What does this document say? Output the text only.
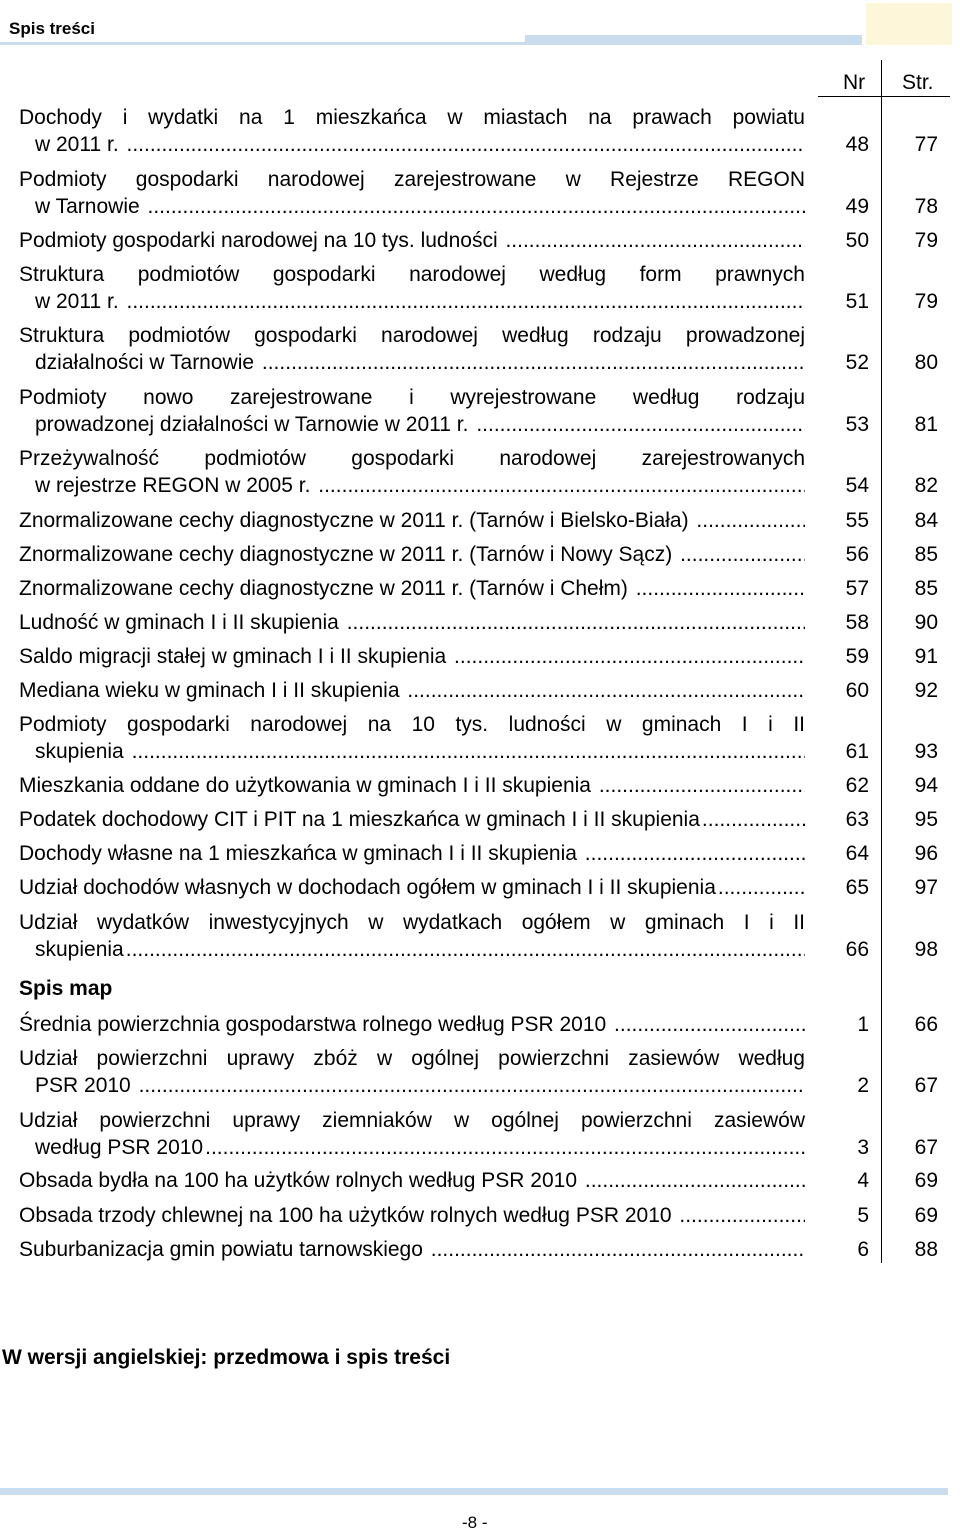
Spis treści
Nr Str.
Dochody i wydatki na 1 mieszkańca w miastach na prawach powiatu
w 2011 r. .....	48	77
Podmioty gospodarki narodowej zarejestrowane w Rejestrze REGON
w Tarnowie .....	49	78
Podmioty gospodarki narodowej na 10 tys. ludności .....	50	79
Struktura podmiotów gospodarki narodowej według form prawnych
w 2011 r. .....	51	79
Struktura podmiotów gospodarki narodowej według rodzaju prowadzonej
działalności w Tarnowie .....	52	80
Podmioty nowo zarejestrowane i wyrejestrowane według rodzaju
prowadzonej działalności w Tarnowie w 2011 r. .....	53	81
Przeżywalność podmiotów gospodarki narodowej zarejestrowanych
w rejestrze REGON w 2005 r. .....	54	82
Znormalizowane cechy diagnostyczne w 2011 r. (Tarnów i Bielsko-Biała) .....	55	84
Znormalizowane cechy diagnostyczne w 2011 r. (Tarnów i Nowy Sącz) .....	56	85
Znormalizowane cechy diagnostyczne w 2011 r. (Tarnów i Chełm) .....	57	85
Ludność w gminach I i II skupienia .....	58	90
Saldo migracji stałej w gminach I i II skupienia .....	59	91
Mediana wieku w gminach I i II skupienia .....	60	92
Podmioty gospodarki narodowej na 10 tys. ludności w gminach I i II
skupienia .....	61	93
Mieszkania oddane do użytkowania w gminach I i II skupienia .....	62	94
Podatek dochodowy CIT i PIT na 1 mieszkańca w gminach I i II skupienia .....	63	95
Dochody własne na 1 mieszkańca w gminach I i II skupienia .....	64	96
Udział dochodów własnych w dochodach ogółem w gminach I i II skupienia .....	65	97
Udział wydatków inwestycyjnych w wydatkach ogółem w gminach I i II
skupienia .....	66	98
Średnia powierzchnia gospodarstwa rolnego według PSR 2010 .....	1	66
Udział powierzchni uprawy zbóż w ogólnej powierzchni zasiewów według
PSR 2010 .....	2	67
Udział powierzchni uprawy ziemniaków w ogólnej powierzchni zasiewów
według PSR 2010 .....	3	67
Obsada bydła na 100 ha użytków rolnych według PSR 2010 .....	4	69
Obsada trzody chlewnej na 100 ha użytków rolnych według PSR 2010 .....	5	69
Suburbanizacja gmin powiatu tarnowskiego .....	6	88
Spis map
W wersji angielskiej: przedmowa i spis treści
-8 -
